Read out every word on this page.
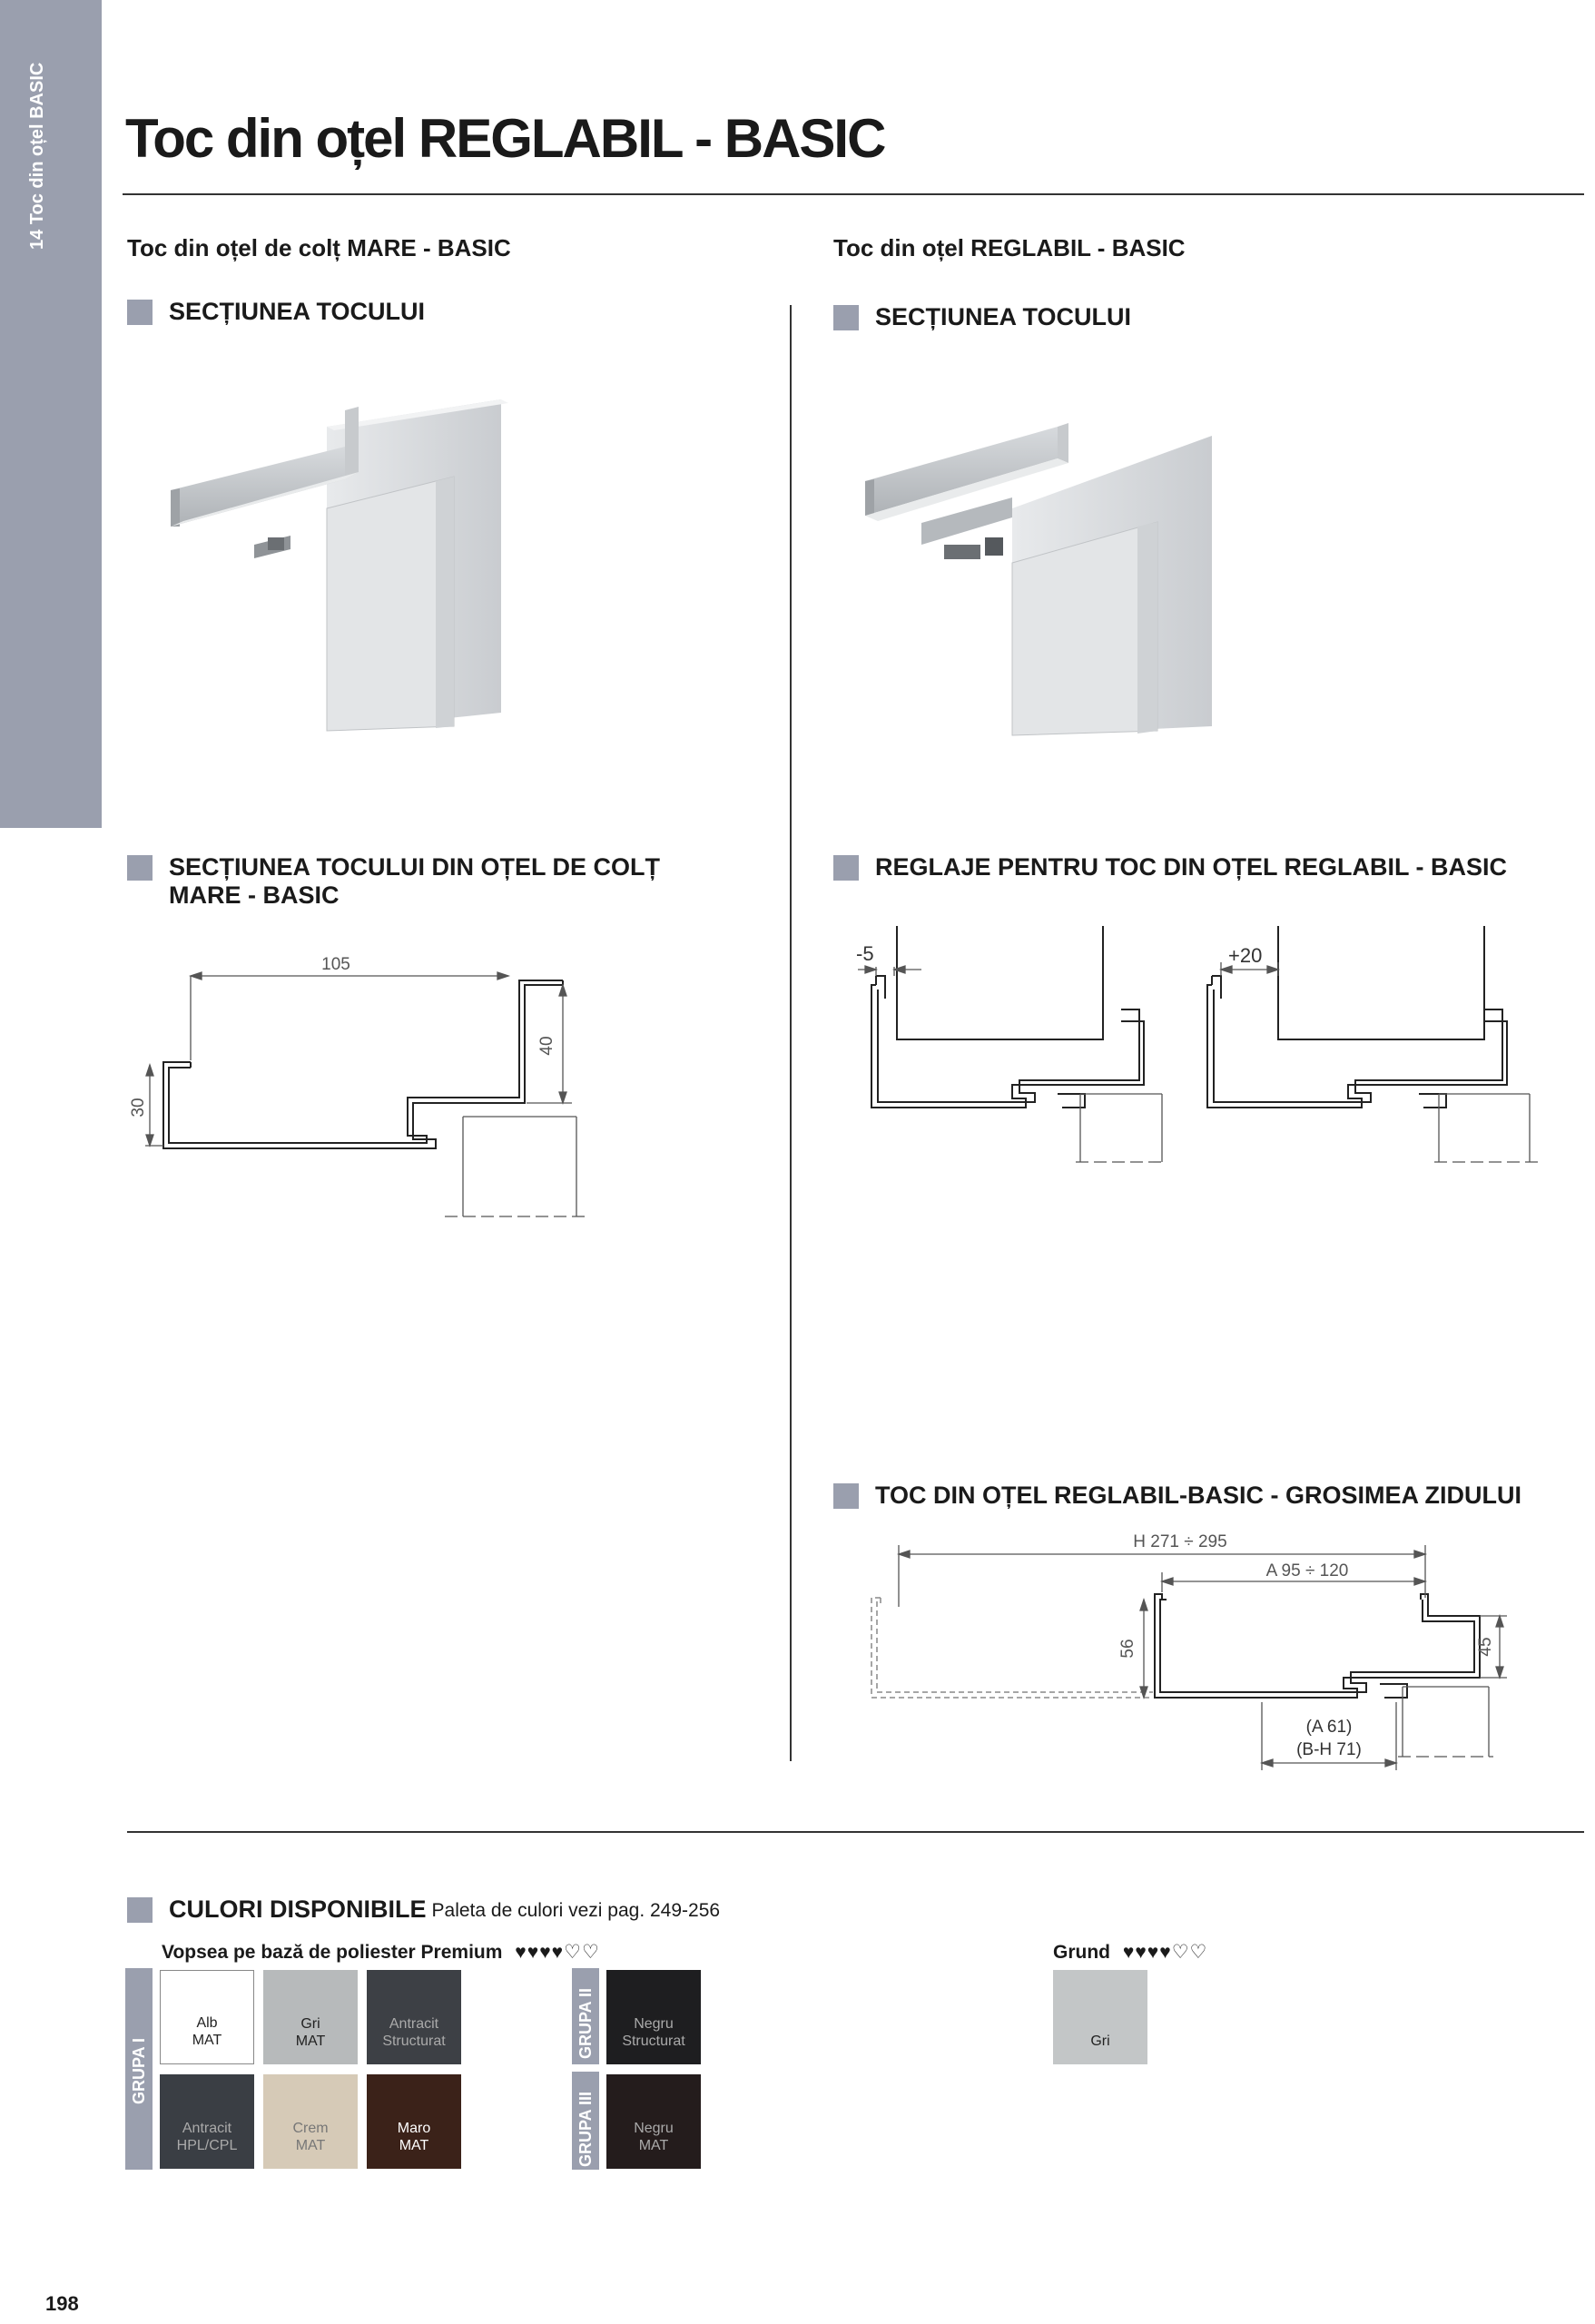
14 Toc din oțel BASIC Toc din oțel REGLABIL - BASIC
Toc din oțel de colț MARE - BASIC
SECȚIUNEA TOCULUI
Toc din oțel REGLABIL - BASIC
SECȚIUNEA TOCULUI
SECȚIUNEA TOCULUI DIN OȚEL DE COLȚ
MARE - BASIC
105
30
40
REGLAJE PENTRU TOC DIN OȚEL REGLABIL - BASIC
-5	+20
TOC DIN OȚEL REGLABIL-BASIC - GROSIMEA ZIDULUI
H 271 ÷ 295
A 95 ÷ 120
56	45
(A 61)
(B-H 71)
CULORI DISPONIBILE Paleta de culori vezi pag. 249-256
Vopsea pe bază de poliester Premium ♥♥♥♥♡♡	Grund ♥♥♥♥♡♡
GRUPA I
GRUPA II
GRUPA III
Alb
MAT
Gri
MAT
Antracit
Structurat
Negru
Structurat
Antracit
HPL/CPL
Crem
MAT
Maro
MAT
Negru
MAT
Gri
198
